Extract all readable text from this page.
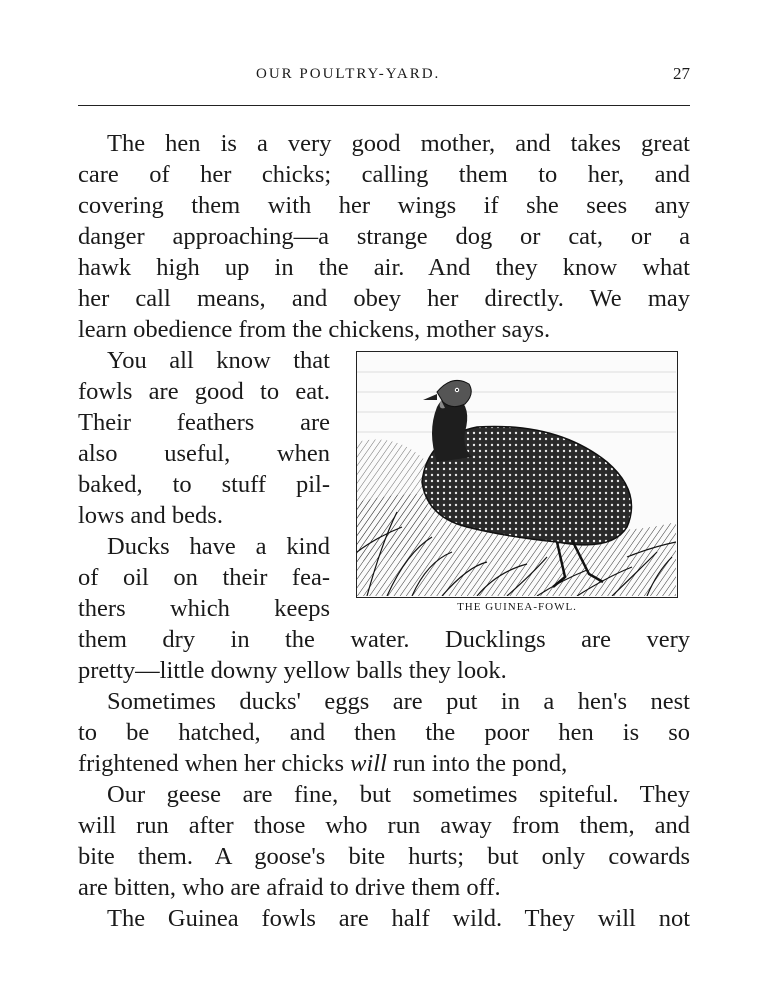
OUR POULTRY-YARD.	27
The hen is a very good mother, and takes great
care of her chicks; calling them to her, and
covering them with her wings if she sees any
danger approaching—a strange dog or cat, or a
hawk high up in the air. And they know what
her call means, and obey her directly. We may
learn obedience from the chickens, mother says.
You all know that
fowls are good to eat.
Their feathers are
also useful, when
baked, to stuff pil-
lows and beds.
Ducks have a kind
of oil on their fea-
thers which keeps
them dry in the water. Ducklings are very
pretty—little downy yellow balls they look.
Sometimes ducks' eggs are put in a hen's nest
to be hatched, and then the poor hen is so
frightened when her chicks will run into the pond,
Our geese are fine, but sometimes spiteful. They
will run after those who run away from them, and
bite them. A goose's bite hurts; but only cowards
are bitten, who are afraid to drive them off.
The Guinea fowls are half wild. They will not
THE GUINEA-FOWL.
